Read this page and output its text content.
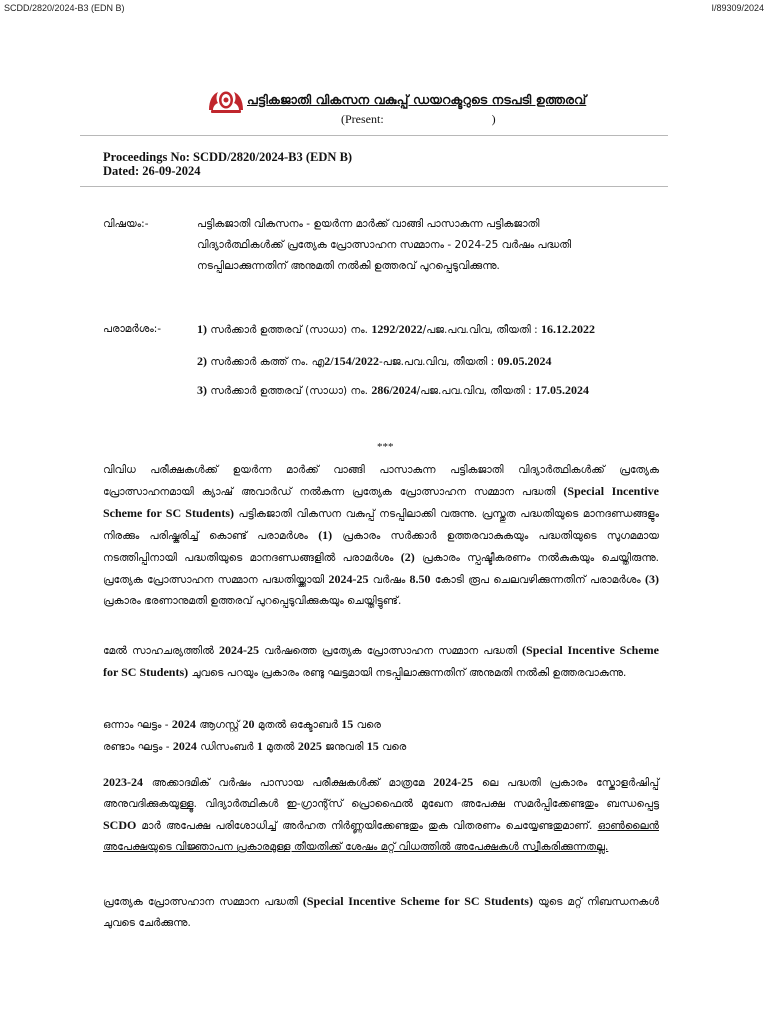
SCDD/2820/2024-B3 (EDN B)	I/89309/2024
പട്ടികജാതി വികസന വകുപ്പ് ഡയറക്ടറുടെ നടപടി ഉത്തരവ്
(Present:                                    )
Proceedings No: SCDD/2820/2024-B3 (EDN B)
Dated: 26-09-2024
വിഷയം:-	പട്ടികജാതി വികസനം - ഉയർന്ന മാർക്ക് വാങ്ങി പാസാകുന്ന പട്ടികജാതി
വിദ്യാർത്ഥികൾക്ക് പ്രത്യേക പ്രോത്സാഹന സമ്മാനം - 2024-25 വർഷം പദ്ധതി
നടപ്പിലാക്കുന്നതിന് അനുമതി നൽകി ഉത്തരവ് പുറപ്പെടുവിക്കുന്നു.
പരാമർശം:-	1) സർക്കാർ ഉത്തരവ് (സാധാ) നം. 1292/2022/പജ.പവ.വിവ, തീയതി : 16.12.2022
2) സർക്കാർ കത്ത് നം. എ2/154/2022-പജ.പവ.വിവ, തീയതി : 09.05.2024
3) സർക്കാർ ഉത്തരവ് (സാധാ) നം. 286/2024/പജ.പവ.വിവ, തീയതി : 17.05.2024
***
വിവിധ പരീക്ഷകൾക്ക് ഉയർന്ന മാർക്ക് വാങ്ങി പാസാകുന്ന പട്ടികജാതി വിദ്യാർത്ഥികൾക്ക് പ്രത്യേക പ്രോത്സാഹനമായി ക്യാഷ് അവാർഡ് നൽകുന്ന പ്രത്യേക പ്രോത്സാഹന സമ്മാന പദ്ധതി (Special Incentive Scheme for SC Students) പട്ടികജാതി വികസന വകുപ്പ് നടപ്പിലാക്കി വരുന്നു. പ്രസ്തുത പദ്ധതിയുടെ മാനദണ്ഡങ്ങളും നിരക്കും പരിഷ്കരിച്ച് കൊണ്ട് പരാമർശം (1) പ്രകാരം സർക്കാർ ഉത്തരവാകുകയും പദ്ധതിയുടെ സുഗമമായ നടത്തിപ്പിനായി പദ്ധതിയുടെ മാനദണ്ഡങ്ങളിൽ പരാമർശം (2) പ്രകാരം സ്പഷ്ടീകരണം നൽകുകയും ചെയ്തിരുന്നു. പ്രത്യേക പ്രോത്സാഹന സമ്മാന പദ്ധതിയ്ക്കായി 2024-25 വർഷം 8.50 കോടി രൂപ ചെലവഴിക്കുന്നതിന് പരാമർശം (3) പ്രകാരം ഭരണാനുമതി ഉത്തരവ് പുറപ്പെടുവിക്കുകയും ചെയ്തിട്ടുണ്ട്.
മേൽ സാഹചര്യത്തിൽ 2024-25 വർഷത്തെ പ്രത്യേക പ്രോത്സാഹന സമ്മാന പദ്ധതി (Special Incentive Scheme for SC Students) ചുവടെ പറയും പ്രകാരം രണ്ടു ഘട്ടമായി നടപ്പിലാക്കുന്നതിന് അനുമതി നൽകി ഉത്തരവാകുന്നു.
ഒന്നാം ഘട്ടം - 2024 ആഗസ്റ്റ് 20 മുതൽ ഒക്ടോബർ 15 വരെ
രണ്ടാം ഘട്ടം - 2024 ഡിസംബർ 1 മുതൽ 2025 ജനുവരി 15 വരെ
2023-24 അക്കാദമിക് വർഷം പാസായ പരീക്ഷകൾക്ക് മാത്രമേ 2024-25 ലെ പദ്ധതി പ്രകാരം സ്കോളർഷിപ്പ് അനുവദിക്കുകയുള്ളൂ. വിദ്യാർത്ഥികൾ ഇ-ഗ്രാന്റ്സ് പ്രൊഫൈൽ മുഖേന അപേക്ഷ സമർപ്പിക്കേണ്ടതും ബന്ധപ്പെട്ട SCDO മാർ അപേക്ഷ പരിശോധിച്ച് അർഹത നിർണ്ണയിക്കേണ്ടതും തുക വിതരണം ചെയ്യേണ്ടതുമാണ്. ഓൺലൈൻ അപേക്ഷയുടെ വിജ്ഞാപന പ്രകാരമുള്ള തീയതിക്ക് ശേഷം മറ്റ് വിധത്തിൽ അപേക്ഷകൾ സ്വീകരിക്കുന്നതല്ല.
പ്രത്യേക പ്രോത്സഹാന സമ്മാന പദ്ധതി (Special Incentive Scheme for SC Students) യുടെ മറ്റ് നിബന്ധനകൾ ചുവടെ ചേർക്കുന്നു.
